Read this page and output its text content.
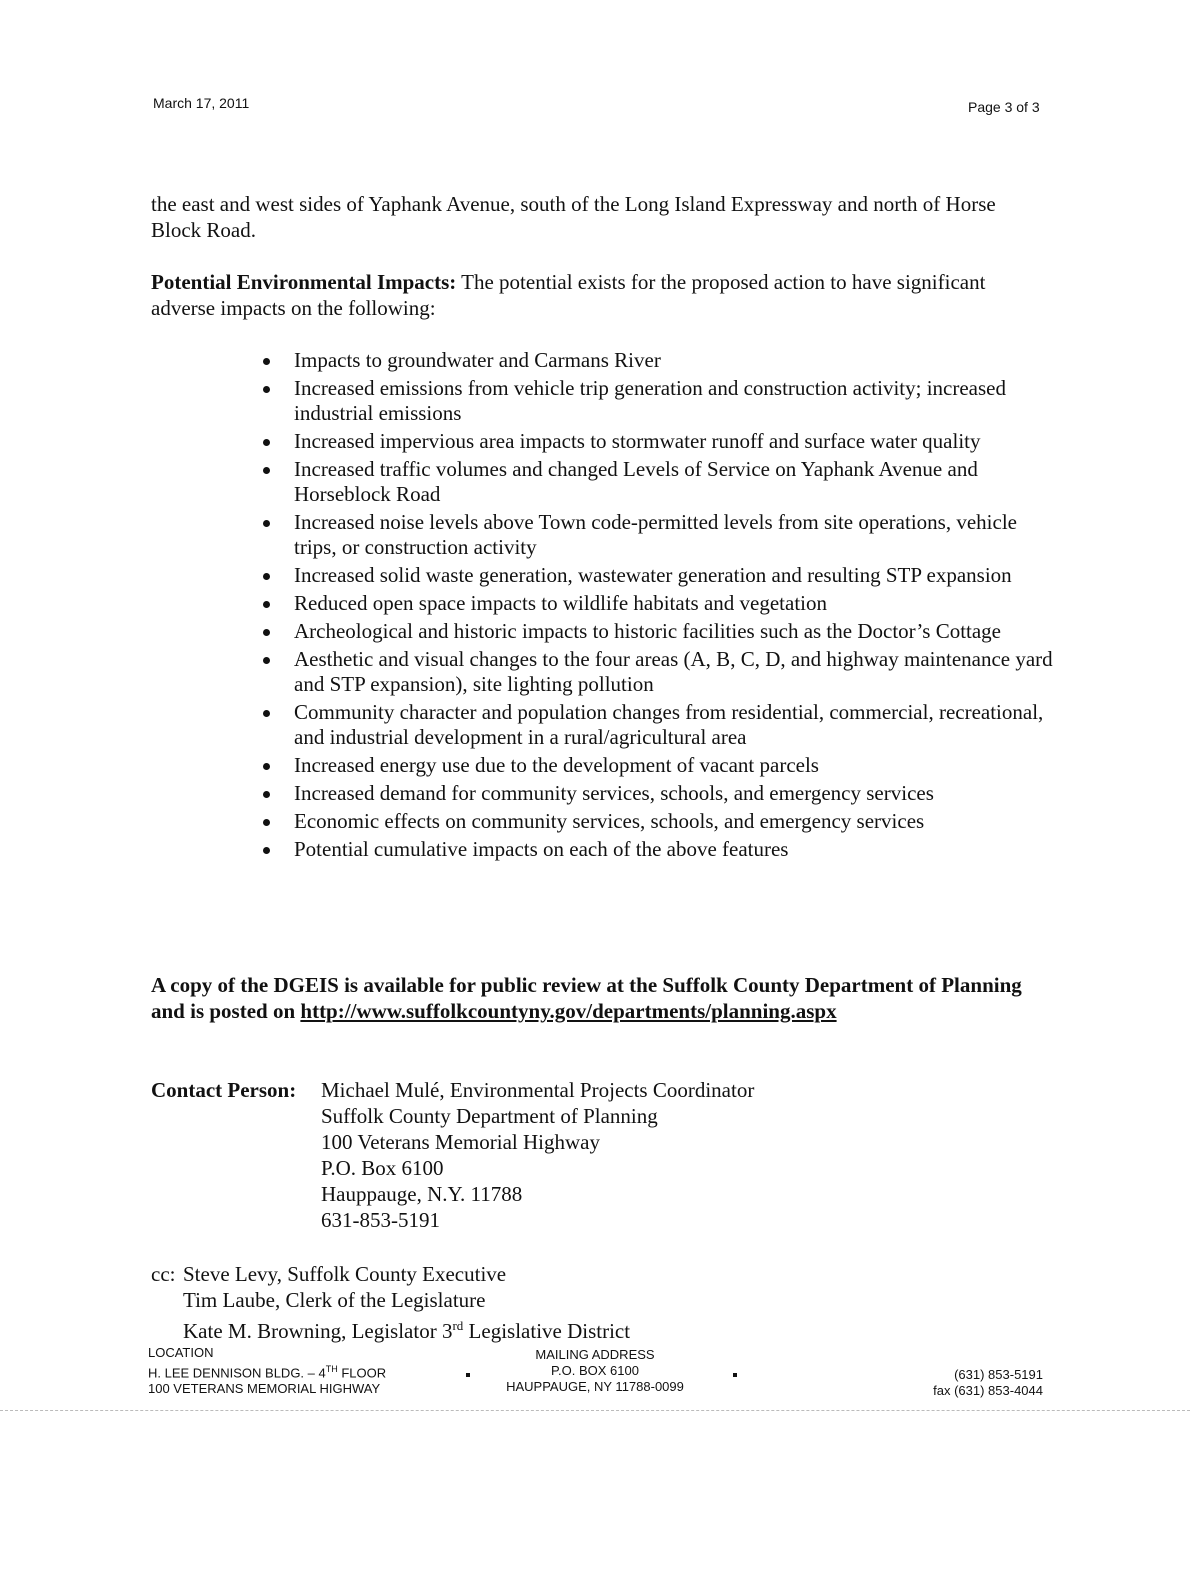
March 17, 2011	Page 3 of 3
the east and west sides of Yaphank Avenue, south of the Long Island Expressway and north of Horse Block Road.
Potential Environmental Impacts: The potential exists for the proposed action to have significant adverse impacts on the following:
Impacts to groundwater and Carmans River
Increased emissions from vehicle trip generation and construction activity; increased industrial emissions
Increased impervious area impacts to stormwater runoff and surface water quality
Increased traffic volumes and changed Levels of Service on Yaphank Avenue and Horseblock Road
Increased noise levels above Town code-permitted levels from site operations, vehicle trips, or construction activity
Increased solid waste generation, wastewater generation and resulting STP expansion
Reduced open space impacts to wildlife habitats and vegetation
Archeological and historic impacts to historic facilities such as the Doctor’s Cottage
Aesthetic and visual changes to the four areas (A, B, C, D, and highway maintenance yard and STP expansion), site lighting pollution
Community character and population changes from residential, commercial, recreational, and industrial development in a rural/agricultural area
Increased energy use due to the development of vacant parcels
Increased demand for community services, schools, and emergency services
Economic effects on community services, schools, and emergency services
Potential cumulative impacts on each of the above features
A copy of the DGEIS is available for public review at the Suffolk County Department of Planning and is posted on http://www.suffolkcountyny.gov/departments/planning.aspx
Contact Person: Michael Mulé, Environmental Projects Coordinator
Suffolk County Department of Planning
100 Veterans Memorial Highway
P.O. Box 6100
Hauppauge, N.Y. 11788
631-853-5191
cc: Steve Levy, Suffolk County Executive
Tim Laube, Clerk of the Legislature
Kate M. Browning, Legislator 3rd Legislative District
LOCATION
H. LEE DENNISON BLDG. – 4TH FLOOR
100 VETERANS MEMORIAL HIGHWAY
MAILING ADDRESS
P.O. BOX 6100
HAUPPAUGE, NY 11788-0099
(631) 853-5191
fax (631) 853-4044
